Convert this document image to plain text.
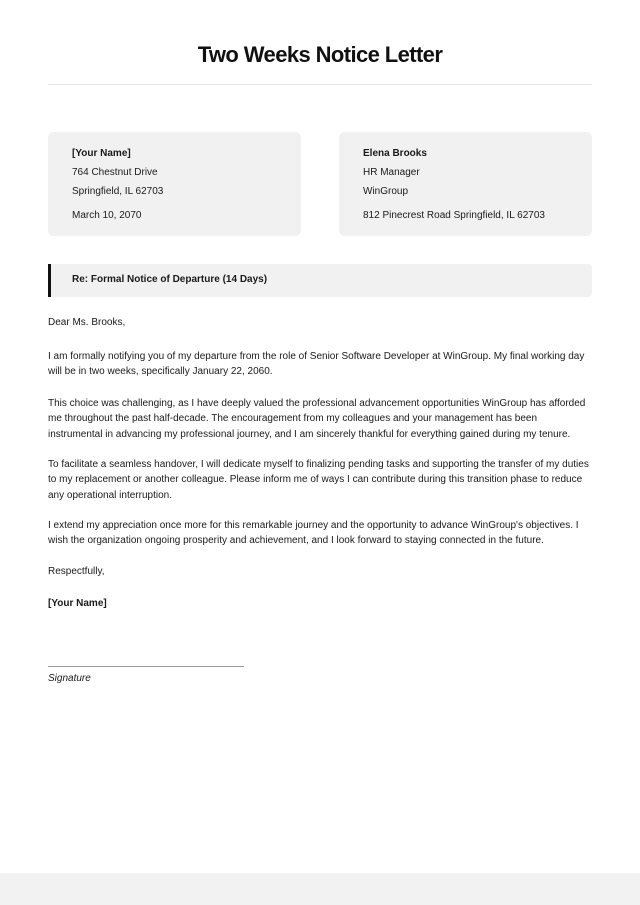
Two Weeks Notice Letter
[Your Name]
764 Chestnut Drive
Springfield, IL 62703
March 10, 2070
Elena Brooks
HR Manager
WinGroup
812 Pinecrest Road Springfield, IL 62703
Re: Formal Notice of Departure (14 Days)

Dear Ms. Brooks,

I am formally notifying you of my departure from the role of Senior Software Developer at WinGroup. My final working day will be in two weeks, specifically January 22, 2060.

This choice was challenging, as I have deeply valued the professional advancement opportunities WinGroup has afforded me throughout the past half-decade. The encouragement from my colleagues and your management has been instrumental in advancing my professional journey, and I am sincerely thankful for everything gained during my tenure.

To facilitate a seamless handover, I will dedicate myself to finalizing pending tasks and supporting the transfer of my duties to my replacement or another colleague. Please inform me of ways I can contribute during this transition phase to reduce any operational interruption.

I extend my appreciation once more for this remarkable journey and the opportunity to advance WinGroup's objectives. I wish the organization ongoing prosperity and achievement, and I look forward to staying connected in the future.

Respectfully,

[Your Name]

Signature
